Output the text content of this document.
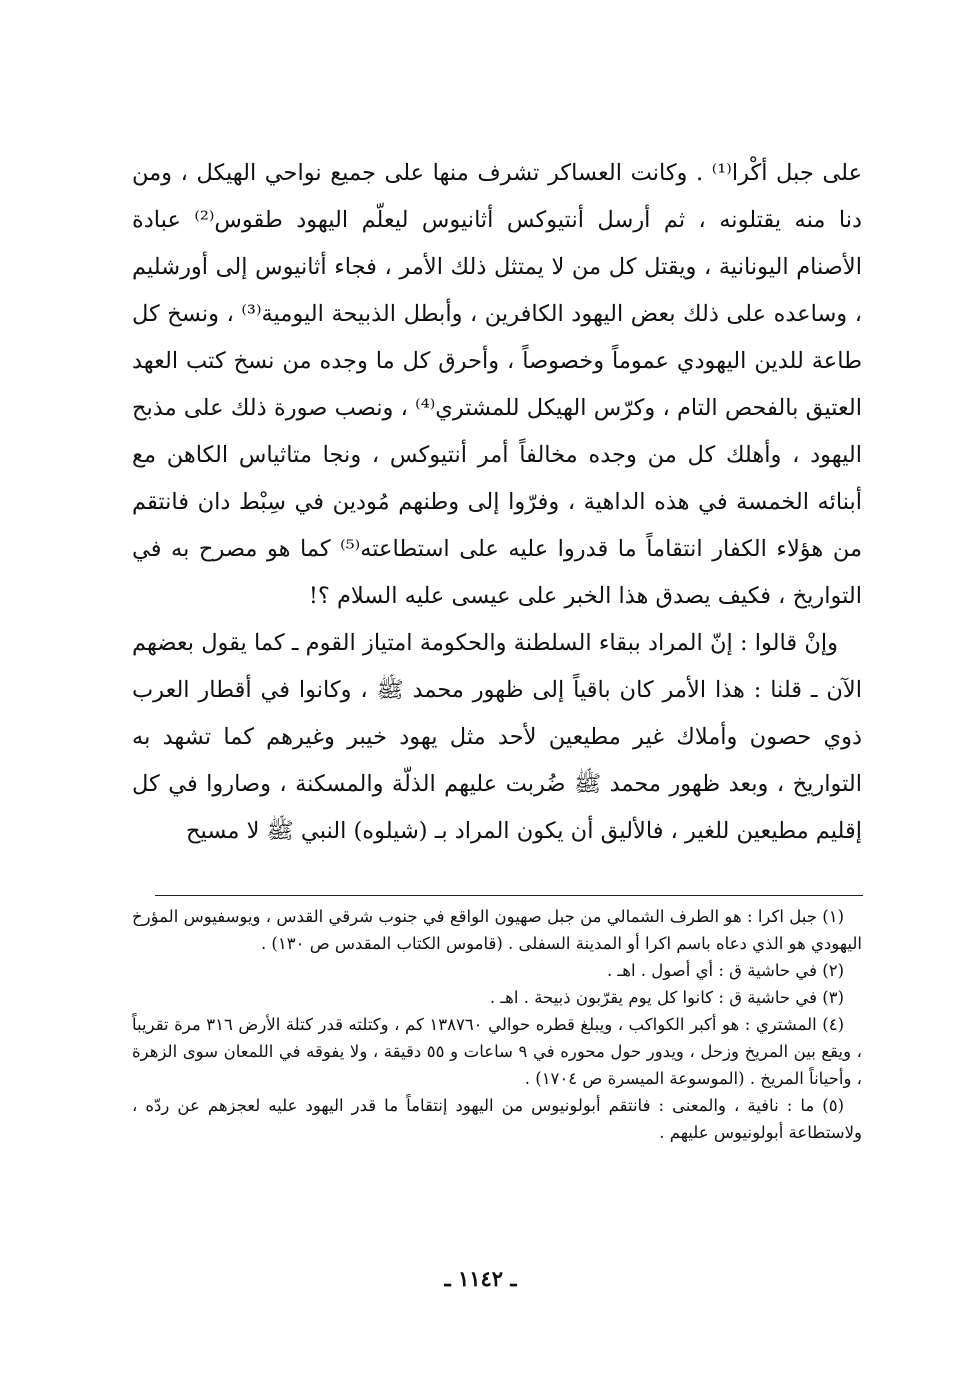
على جبل أكْرا⁽¹⁾ . وكانت العساكر تشرف منها على جميع نواحي الهيكل ، ومن دنا منه يقتلونه ، ثم أرسل أنتيوكس أثانيوس ليعلّم اليهود طقوس⁽²⁾ عبادة الأصنام اليونانية ، ويقتل كل من لا يمتثل ذلك الأمر ، فجاء أثانيوس إلى أورشليم ، وساعده على ذلك بعض اليهود الكافرين ، وأبطل الذبيحة اليومية⁽³⁾ ، ونسخ كل طاعة للدين اليهودي عموماً وخصوصاً ، وأحرق كل ما وجده من نسخ كتب العهد العتيق بالفحص التام ، وكرّس الهيكل للمشتري⁽⁴⁾ ، ونصب صورة ذلك على مذبح اليهود ، وأهلك كل من وجده مخالفاً أمر أنتيوكس ، ونجا متاثياس الكاهن مع أبنائه الخمسة في هذه الداهية ، وفرّوا إلى وطنهم مُودين في سِبْط دان فانتقم من هؤلاء الكفار انتقاماً ما قدروا عليه على استطاعته⁽⁵⁾ كما هو مصرح به في التواريخ ، فكيف يصدق هذا الخبر على عيسى عليه السلام ؟!

وإنْ قالوا : إنّ المراد ببقاء السلطنة والحكومة امتياز القوم ـ كما يقول بعضهم الآن ـ قلنا : هذا الأمر كان باقياً إلى ظهور محمد ﷺ ، وكانوا في أقطار العرب ذوي حصون وأملاك غير مطيعين لأحد مثل يهود خيبر وغيرهم كما تشهد به التواريخ ، وبعد ظهور محمد ﷺ ضُربت عليهم الذلّة والمسكنة ، وصاروا في كل إقليم مطيعين للغير ، فالأليق أن يكون المراد بـ (شيلوه) النبي ﷺ لا مسيح

(١) جبل اكرا : هو الطرف الشمالي من جبل صهيون الواقع في جنوب شرقي القدس ، ويوسفيوس المؤرخ اليهودي هو الذي دعاه باسم اكرا أو المدينة السفلى . (قاموس الكتاب المقدس ص ١٣٠) .

(٢) في حاشية ق : أي أصول . اهـ .

(٣) في حاشية ق : كانوا كل يوم يقرّبون ذبيحة . اهـ .

(٤) المشتري : هو أكبر الكواكب ، ويبلغ قطره حوالي ١٣٨٧٦٠ كم ، وكتلته قدر كتلة الأرض ٣١٦ مرة تقريباً ، ويقع بين المريخ وزحل ، ويدور حول محوره في ٩ ساعات و ٥٥ دقيقة ، ولا يفوقه في اللمعان سوى الزهرة ، وأحياناً المريخ . (الموسوعة الميسرة ص ١٧٠٤) .

(٥) ما : نافية ، والمعنى : فانتقم أبولونيوس من اليهود إنتقاماً ما قدر اليهود عليه لعجزهم عن ردّه ، ولاستطاعة أبولونيوس عليهم .

ـ ١١٤٢ ـ
